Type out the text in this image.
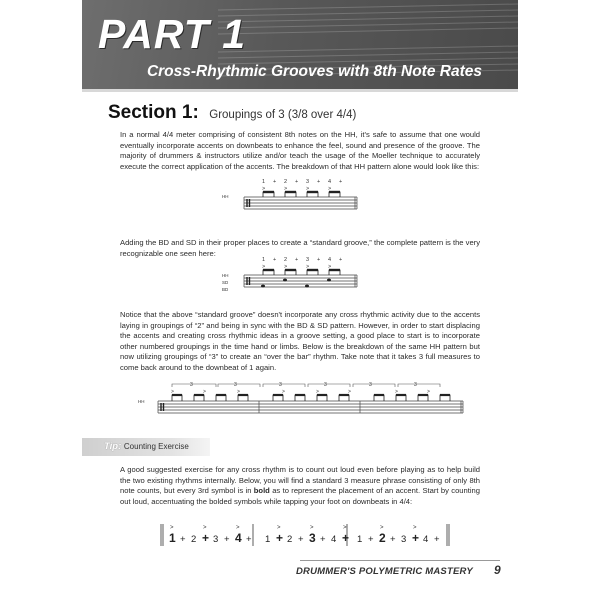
PART 1
Cross-Rhythmic Grooves with 8th Note Rates
Section 1: Groupings of 3 (3/8 over 4/4)
In a normal 4/4 meter comprising of consistent 8th notes on the HH, it's safe to assume that one would eventually incorporate accents on downbeats to enhance the feel, sound and presence of the groove. The majority of drummers & instructors utilize and/or teach the usage of the Moeller technique to accurately execute the correct application of the accents. The breakdown of that HH pattern alone would look like this:
1 + 2 + 3 + 4 +
>	>	>	>
HH
Adding the BD and SD in their proper places to create a “standard groove,” the complete pattern is the very recognizable one seen here:
1 + 2 + 3 + 4 +
>	>	>	>
HH
SD
BD
Notice that the above “standard groove” doesn't incorporate any cross rhythmic activity due to the accents laying in groupings of “2” and being in sync with the BD & SD pattern. However, in order to start displacing the accents and creating cross rhythmic ideas in a groove setting, a good place to start is to incorporate other numbered groupings in the time hand or limbs. Below is the breakdown of the same HH pattern but now utilizing groupings of “3” to create an “over the bar” rhythm. Take note that it takes 3 full measures to come back around to the downbeat of 1 again.
3	3	3	3	3	3
HH
>	>	>	>	>	>	>	>
Tip: Counting Exercise
A good suggested exercise for any cross rhythm is to count out loud even before playing as to help build the two existing rhythms internally. Below, you will find a standard 3 measure phrase consisting of only 8th note counts, but every 3rd symbol is in bold as to represent the placement of an accent. Start by counting out loud, accentuating the bolded symbols while tapping your foot on downbeats in 4/4:
1
>
+ 2 +
>
3 + 4
>
+ 1 +
>
2 + 3
>
+ 4 +
>
1 + 2
>
+ 3 +
>
4 +
DRUMMER'S POLYMETRIC MASTERY 9
